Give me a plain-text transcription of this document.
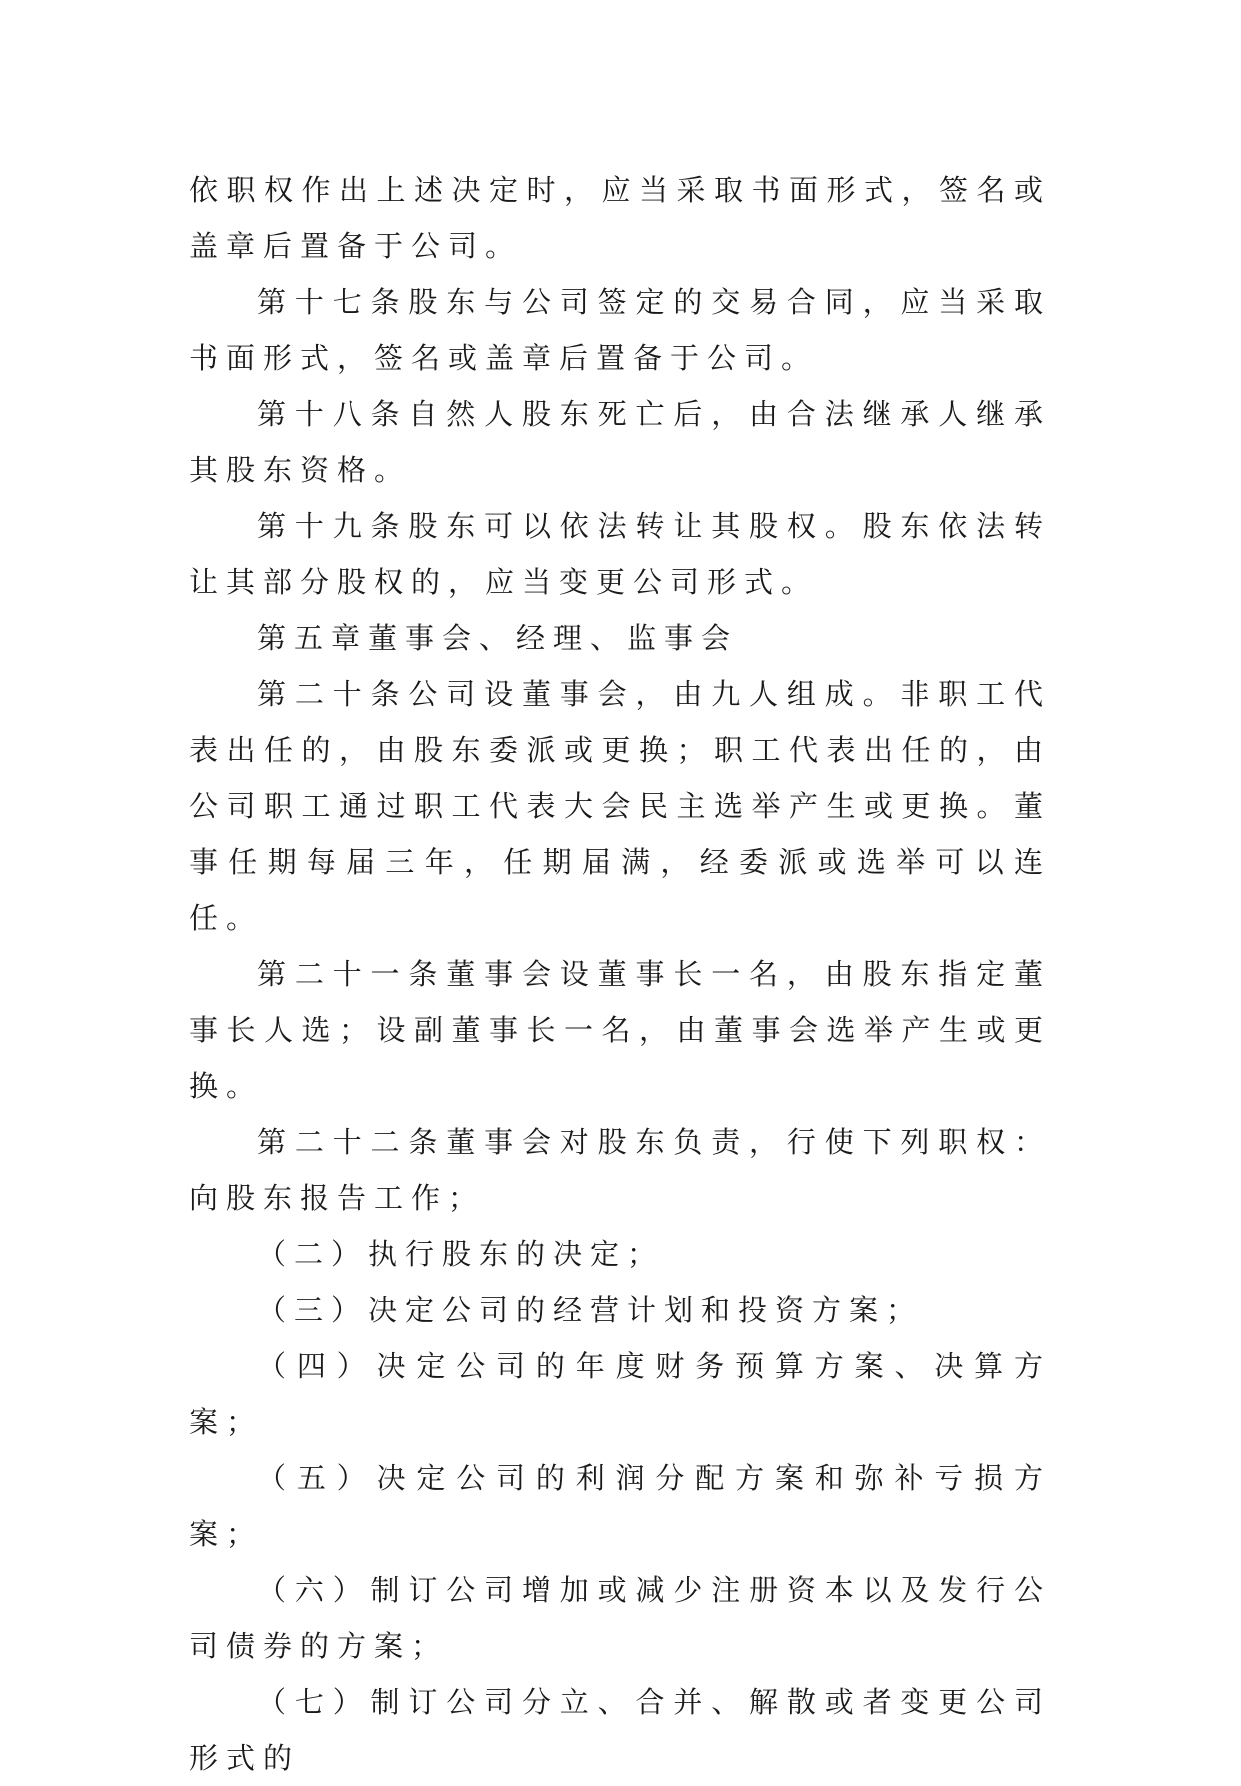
依职权作出上述决定时，应当采取书面形式，签名或盖章后置备于公司。

第十七条股东与公司签定的交易合同，应当采取书面形式，签名或盖章后置备于公司。

第十八条自然人股东死亡后，由合法继承人继承其股东资格。

第十九条股东可以依法转让其股权。股东依法转让其部分股权的，应当变更公司形式。

第五章董事会、经理、监事会

第二十条公司设董事会，由九人组成。非职工代表出任的，由股东委派或更换；职工代表出任的，由公司职工通过职工代表大会民主选举产生或更换。董事任期每届三年，任期届满，经委派或选举可以连任。

第二十一条董事会设董事长一名，由股东指定董事长人选；设副董事长一名，由董事会选举产生或更换。

第二十二条董事会对股东负责，行使下列职权：向股东报告工作；

（二）执行股东的决定；

（三）决定公司的经营计划和投资方案；

（四）决定公司的年度财务预算方案、决算方案；

（五）决定公司的利润分配方案和弥补亏损方案；

（六）制订公司增加或减少注册资本以及发行公司债券的方案；

（七）制订公司分立、合并、解散或者变更公司形式的
